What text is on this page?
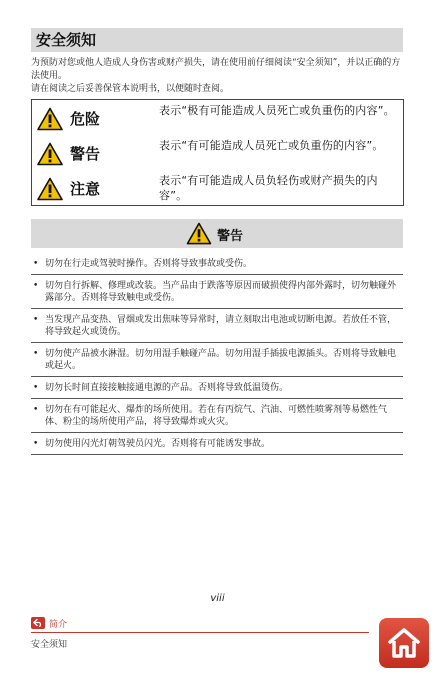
安全须知

为预防对您或他人造成人身伤害或财产损失，请在使用前仔细阅读“安全须知”，并以正确的方法使用。

请在阅读之后妥善保管本说明书，以便随时查阅。

危险	表示“极有可能造成人员死亡或负重伤的内容”。
警告	表示“有可能造成人员死亡或负重伤的内容”。
注意	表示“有可能造成人员负轻伤或财产损失的内容”。
警告
• 切勿在行走或驾驶时操作。否则将导致事故或受伤。
• 切勿自行拆解、修理或改装。当产品由于跌落等原因而破损使得内部外露时，切勿触碰外露部分。否则将导致触电或受伤。
• 当发现产品变热、冒烟或发出焦味等异常时，请立刻取出电池或切断电源。若放任不管，将导致起火或烫伤。
• 切勿使产品被水淋湿。切勿用湿手触碰产品。切勿用湿手插拔电源插头。否则将导致触电或起火。
• 切勿长时间直接接触接通电源的产品。否则将导致低温烫伤。
• 切勿在有可能起火、爆炸的场所使用。若在有丙烷气、汽油、可燃性喷雾剂等易燃性气体、粉尘的场所使用产品，将导致爆炸或火灾。
• 切勿使用闪光灯朝驾驶员闪光。否则将有可能诱发事故。
viii
简介
安全须知
